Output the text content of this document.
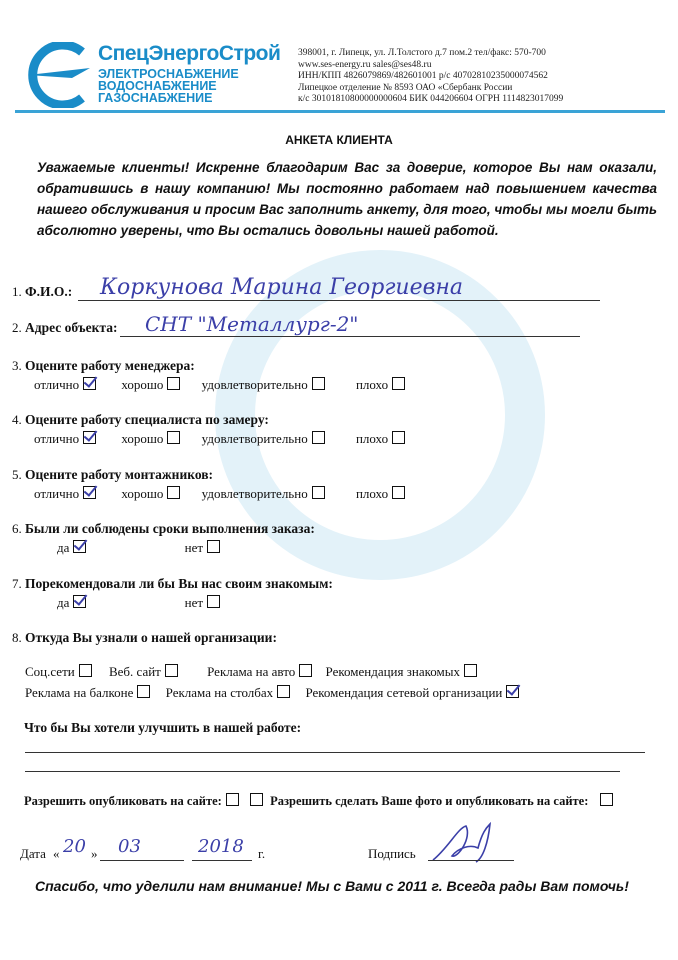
СпецЭнергоСтрой
ЭЛЕКТРОСНАБЖЕНИЕ
ВОДОСНАБЖЕНИЕ
ГАЗОСНАБЖЕНИЕ
398001, г. Липецк, ул. Л.Толстого д.7 пом.2 тел/факс: 570-700
www.ses-energy.ru sales@ses48.ru
ИНН/КПП 4826079869/482601001 р/с 40702810235000074562
Липецкое отделение № 8593 ОАО «Сбербанк России
к/с 30101810800000000604 БИК 044206604 ОГРН 1114823017099
АНКЕТА КЛИЕНТА
Уважаемые клиенты! Искренне благодарим Вас за доверие, которое Вы нам оказали, обратившись в нашу компанию! Мы постоянно работаем над повышением качества нашего обслуживания и просим Вас заполнить анкету, для того, чтобы мы могли быть абсолютно уверены, что Вы остались довольны нашей работой.
1. Ф.И.О.: Коркунова Марина Георгиевна
2. Адрес объекта: СНТ "Металлург-2"
3. Оцените работу менеджера:
отлично	хорошо	удовлетворительно	плохо
4. Оцените работу специалиста по замеру:
отлично	хорошо	удовлетворительно	плохо
5. Оцените работу монтажников:
отлично	хорошо	удовлетворительно	плохо
6. Были ли соблюдены сроки выполнения заказа:
да	нет
7. Порекомендовали ли бы Вы нас своим знакомым:
да	нет
8. Откуда Вы узнали о нашей организации:
Соц.сети	Веб. сайт	Реклама на авто Рекомендация знакомых
Реклама на балконе Реклама на столбах Рекомендация сетевой организации
Что бы Вы хотели улучшить в нашей работе:
Разрешить опубликовать на сайте:	Разрешить сделать Ваше фото и опубликовать на сайте:
Дата « 20 » 03	2018 г.	Подпись
Спасибо, что уделили нам внимание! Мы с Вами с 2011 г. Всегда рады Вам помочь!
